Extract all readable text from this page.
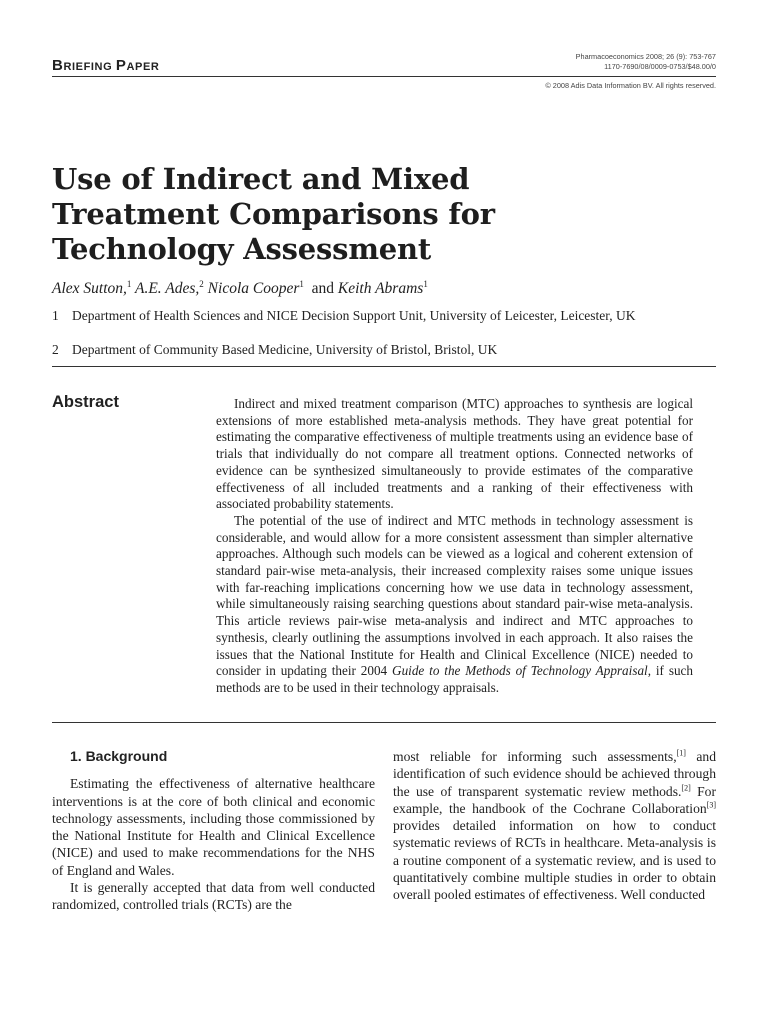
BRIEFING PAPER
Pharmacoeconomics 2008; 26 (9): 753-767
1170-7690/08/0009-0753/$48.00/0
© 2008 Adis Data Information BV. All rights reserved.
Use of Indirect and Mixed
Treatment Comparisons for
Technology Assessment
Alex Sutton,$^1$ A.E. Ades,$^2$ Nicola Cooper$^1$  and Keith Abrams$^1$
1 Department of Health Sciences and NICE Decision Support Unit, University of Leicester, Leicester, UK
2 Department of Community Based Medicine, University of Bristol, Bristol, UK
Abstract	Indirect and mixed treatment comparison (MTC) approaches to synthesis are logical extensions of more established meta-analysis methods. They have great potential for estimating the comparative effectiveness of multiple treatments using an evidence base of trials that individually do not compare all treatment options. Connected networks of evidence can be synthesized simultaneously to provide estimates of the comparative effectiveness of all included treatments and a ranking of their effectiveness with associated probability statements.

The potential of the use of indirect and MTC methods in technology assessment is considerable, and would allow for a more consistent assessment than simpler alternative approaches. Although such models can be viewed as a logical and coherent extension of standard pair-wise meta-analysis, their increased complexity raises some unique issues with far-reaching implications concerning how we use data in technology assessment, while simultaneously raising searching questions about standard pair-wise meta-analysis. This article reviews pair-wise meta-analysis and indirect and MTC approaches to synthesis, clearly outlining the assumptions involved in each approach. It also raises the issues that the National Institute for Health and Clinical Excellence (NICE) needed to consider in updating their 2004 Guide to the Methods of Technology Appraisal, if such methods are to be used in their technology appraisals.

1. Background

Estimating the effectiveness of alternative healthcare interventions is at the core of both clinical and economic technology assessments, including those commissioned by the National Institute for Health and Clinical Excellence (NICE) and used to make recommendations for the NHS of England and Wales.

It is generally accepted that data from well conducted randomized, controlled trials (RCTs) are the

most reliable for informing such assessments,[1] and identification of such evidence should be achieved through the use of transparent systematic review methods.[2] For example, the handbook of the Cochrane Collaboration[3] provides detailed information on how to conduct systematic reviews of RCTs in healthcare. Meta-analysis is a routine component of a systematic review, and is used to quantitatively combine multiple studies in order to obtain overall pooled estimates of effectiveness. Well conducted
